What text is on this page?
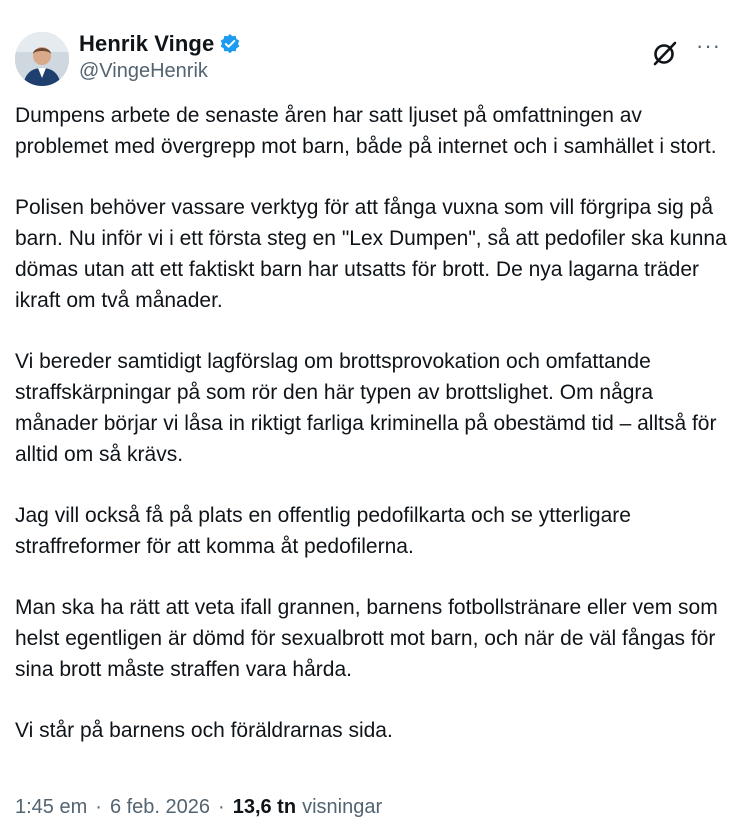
Henrik Vinge
@VingeHenrik
···

Dumpens arbete de senaste åren har satt ljuset på omfattningen av problemet med övergrepp mot barn, både på internet och i samhället i stort.

Polisen behöver vassare verktyg för att fånga vuxna som vill förgripa sig på barn. Nu inför vi i ett första steg en "Lex Dumpen", så att pedofiler ska kunna dömas utan att ett faktiskt barn har utsatts för brott. De nya lagarna träder ikraft om två månader.

Vi bereder samtidigt lagförslag om brottsprovokation och omfattande straffskärpningar på som rör den här typen av brottslighet. Om några månader börjar vi låsa in riktigt farliga kriminella på obestämd tid – alltså för alltid om så krävs.

Jag vill också få på plats en offentlig pedofilkarta och se ytterligare straffreformer för att komma åt pedofilerna.

Man ska ha rätt att veta ifall grannen, barnens fotbollstränare eller vem som helst egentligen är dömd för sexualbrott mot barn, och när de väl fångas för sina brott måste straffen vara hårda.

Vi står på barnens och föräldrarnas sida.

1:45 em · 6 feb. 2026 · 13,6 tn visningar
